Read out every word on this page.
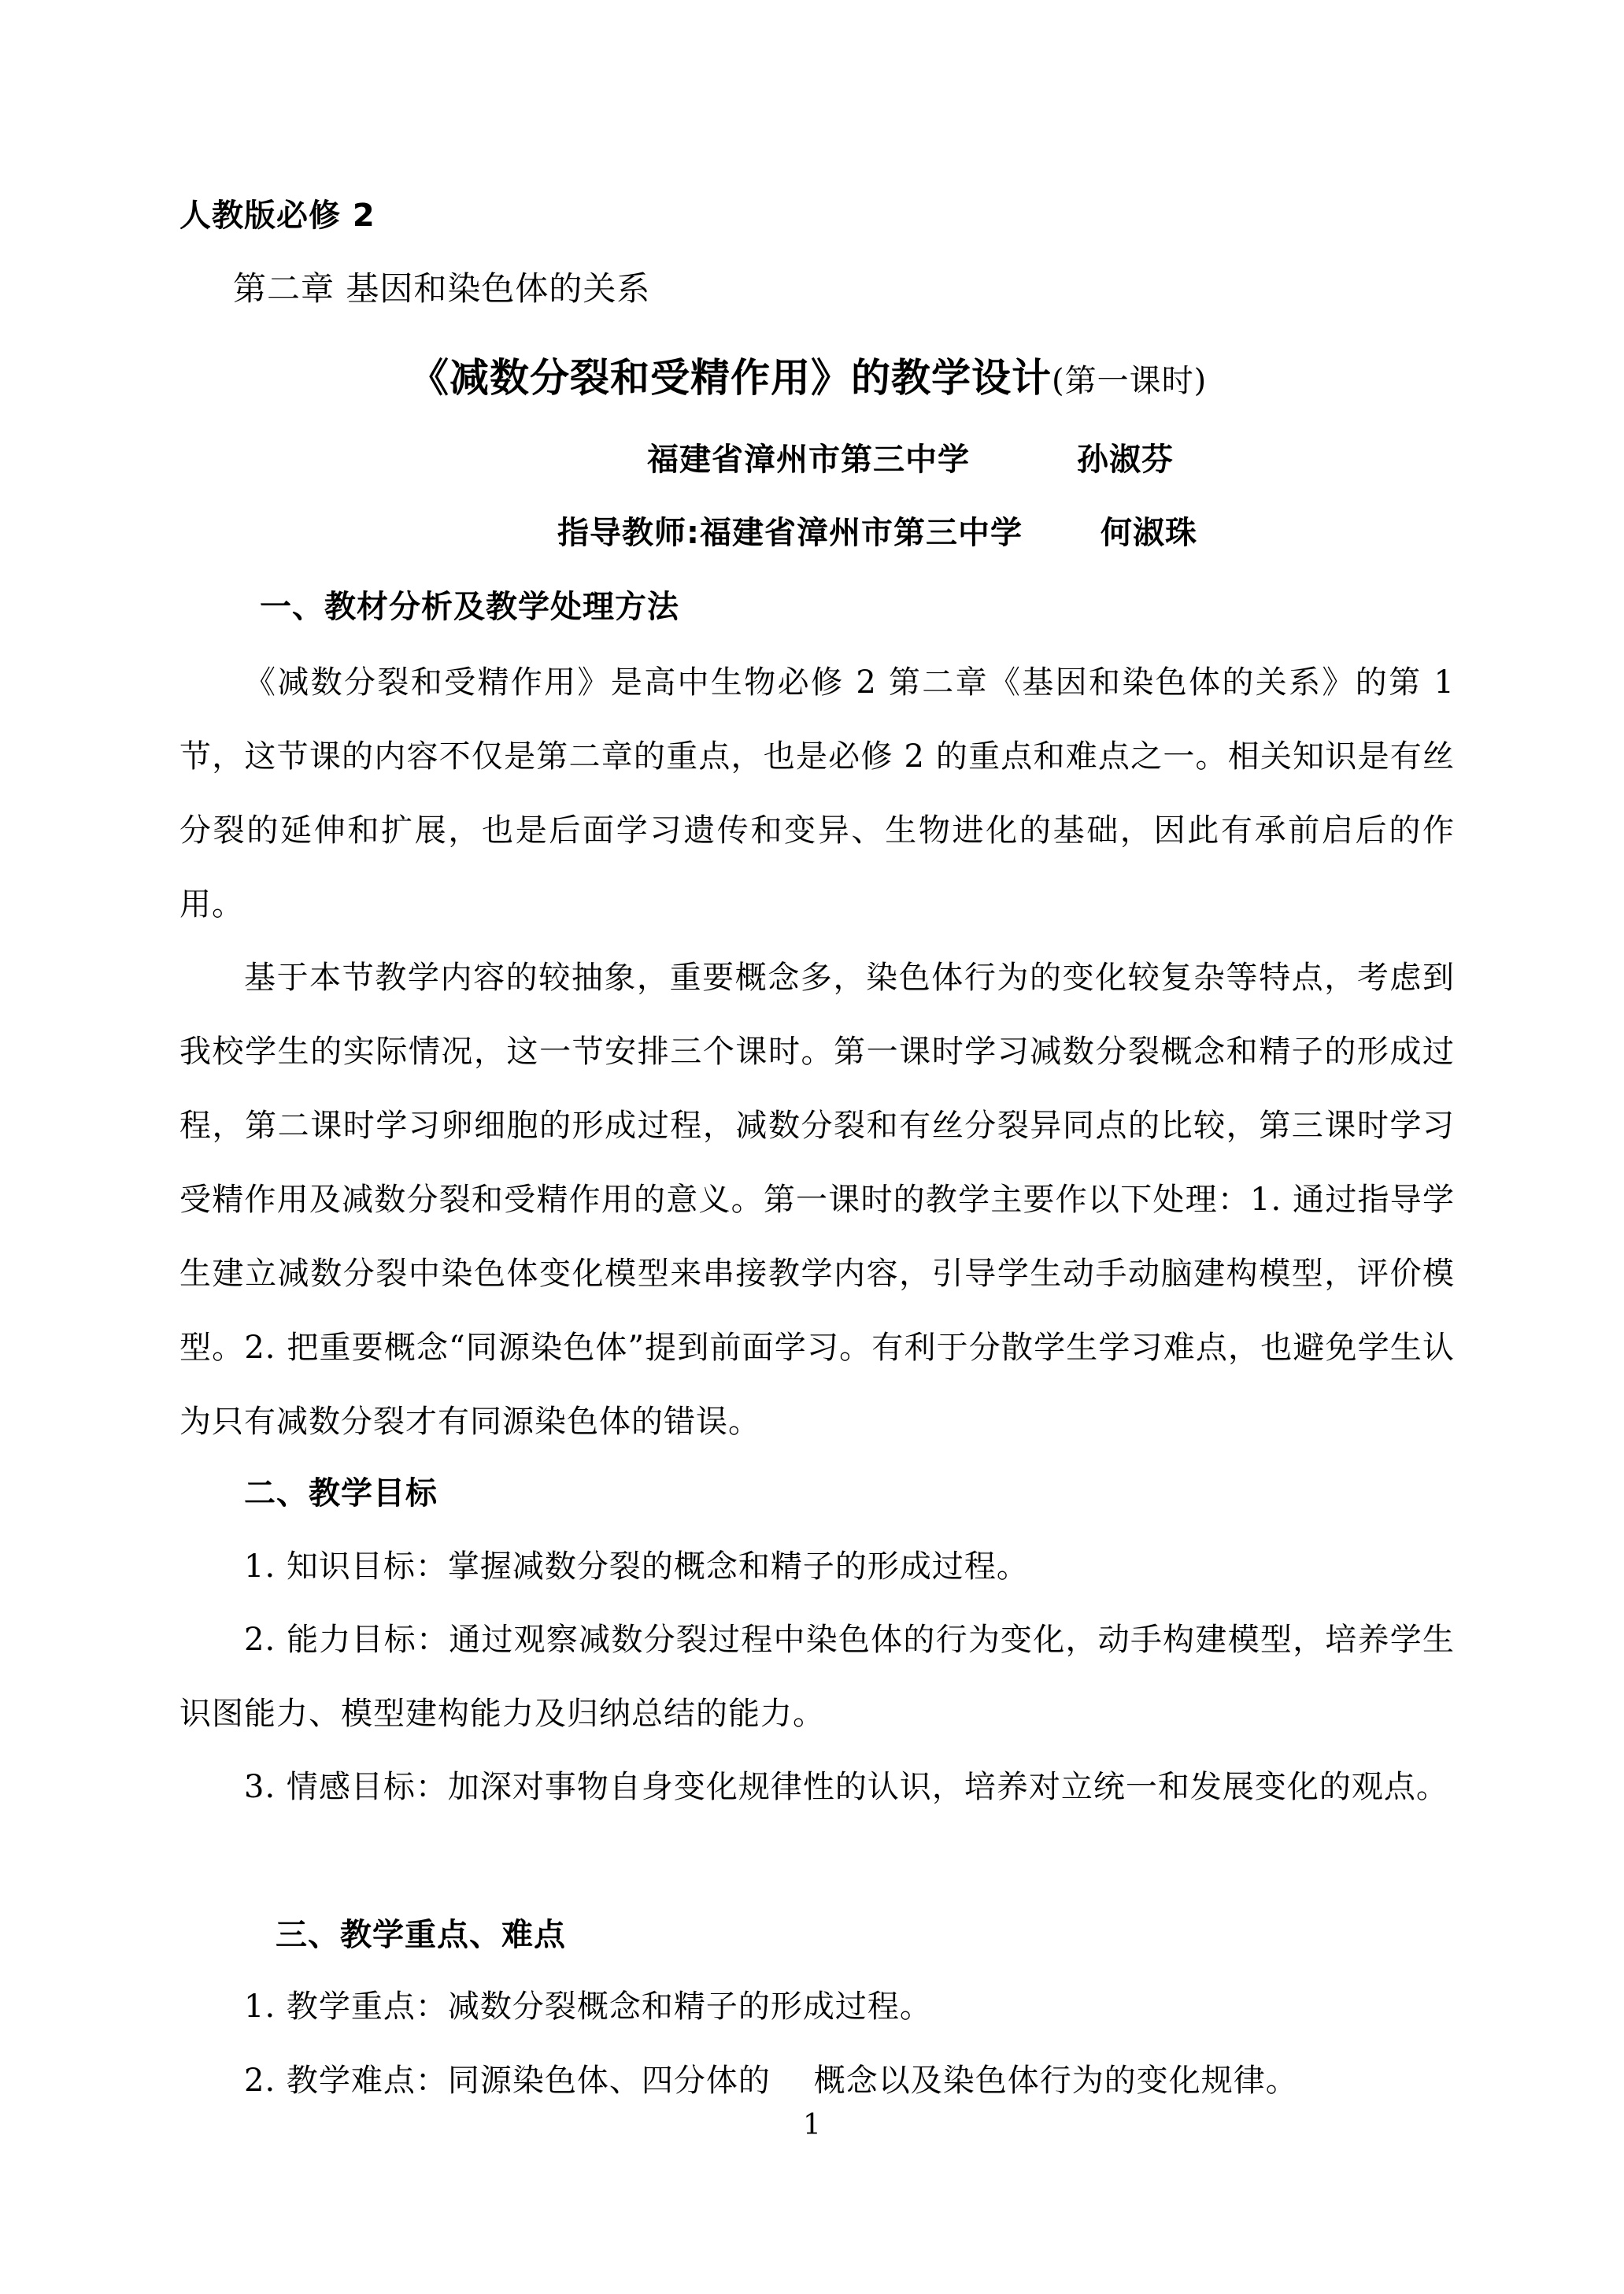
人教版必修 2
第二章 基因和染色体的关系
《减数分裂和受精作用》的教学设计(第一课时)
福建省漳州市第三中学	孙淑芬
指导教师:福建省漳州市第三中学 何淑珠
一、教材分析及教学处理方法
《减数分裂和受精作用》是高中生物必修 2 第二章《基因和染色体的关系》的第 1 节，这节课的内容不仅是第二章的重点，也是必修 2 的重点和难点之一。相关知识是有丝分裂的延伸和扩展，也是后面学习遗传和变异、生物进化的基础，因此有承前启后的作用。
基于本节教学内容的较抽象，重要概念多，染色体行为的变化较复杂等特点，考虑到我校学生的实际情况，这一节安排三个课时。第一课时学习减数分裂概念和精子的形成过程，第二课时学习卵细胞的形成过程，减数分裂和有丝分裂异同点的比较，第三课时学习受精作用及减数分裂和受精作用的意义。第一课时的教学主要作以下处理：1. 通过指导学生建立减数分裂中染色体变化模型来串接教学内容，引导学生动手动脑建构模型，评价模型。2. 把重要概念“同源染色体”提到前面学习。有利于分散学生学习难点，也避免学生认为只有减数分裂才有同源染色体的错误。
二、教学目标
1. 知识目标：掌握减数分裂的概念和精子的形成过程。
2. 能力目标：通过观察减数分裂过程中染色体的行为变化，动手构建模型，培养学生识图能力、模型建构能力及归纳总结的能力。
3. 情感目标：加深对事物自身变化规律性的认识，培养对立统一和发展变化的观点。
三、教学重点、难点
1. 教学重点：减数分裂概念和精子的形成过程。
2. 教学难点：同源染色体、四分体的    概念以及染色体行为的变化规律。
1
